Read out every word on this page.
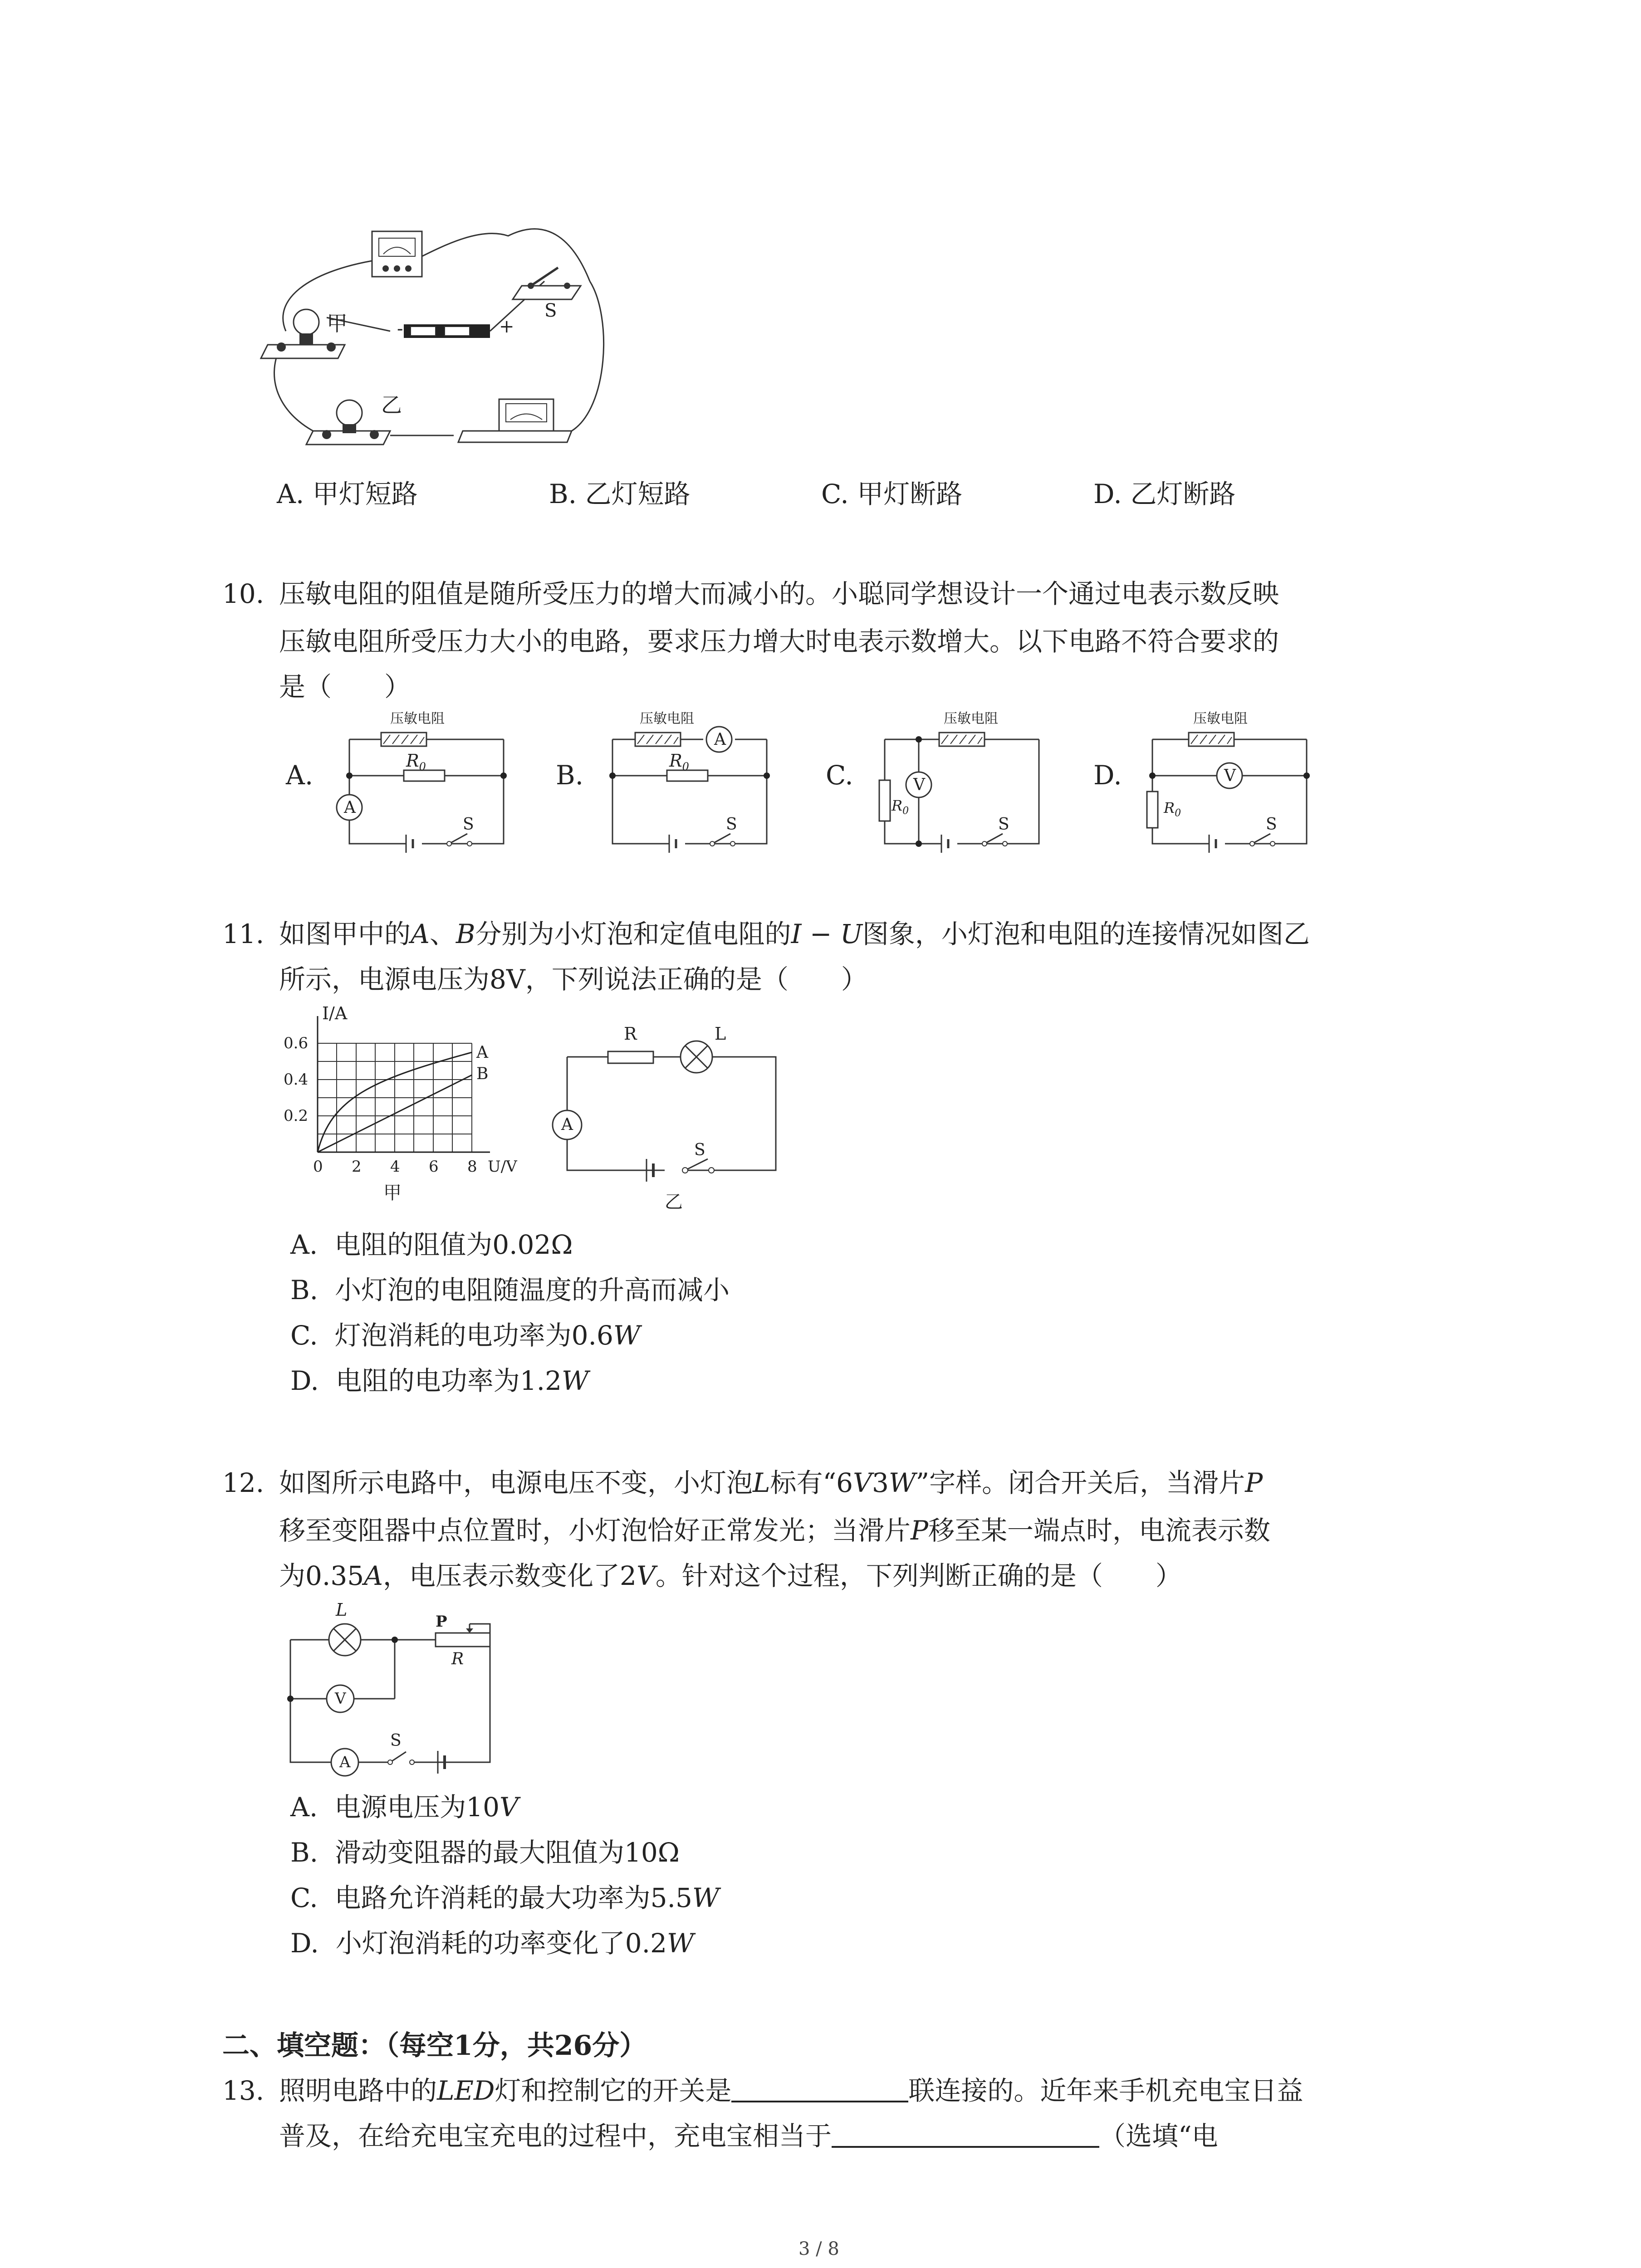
甲
乙
S
-	+
A. 甲灯短路	B. 乙灯短路	C. 甲灯断路	D. 乙灯断路
10. 压敏电阻的阻值是随所受压力的增大而减小的。小聪同学想设计一个通过电表示数反映
压敏电阻所受压力大小的电路，要求压力增大时电表示数增大。以下电路不符合要求的
是（　　）
A.
压敏电阻
$R_0$
A
S
B.
压敏电阻
$R_0$
A
S
C.
压敏电阻
$R_0$
V
S
D.
压敏电阻
$R_0$
V
S
11. 如图甲中的A、B分别为小灯泡和定值电阻的I − U图象，小灯泡和电阻的连接情况如图乙
所示，电源电压为8V，下列说法正确的是（　　）
I/A
0.6
0.4
0.2
0 2 4 6 8 U/V
甲
A
B
R	L
A
S
乙
A. 电阻的阻值为0.02Ω
B. 小灯泡的电阻随温度的升高而减小
C. 灯泡消耗的电功率为0.6W
D. 电阻的电功率为1.2W
12. 如图所示电路中，电源电压不变，小灯泡L标有“6V3W”字样。闭合开关后，当滑片P
移至变阻器中点位置时，小灯泡恰好正常发光；当滑片P移至某一端点时，电流表示数
为0.35A，电压表示数变化了2V。针对这个过程，下列判断正确的是（　　）
L
P
R
V
A
S
A. 电源电压为10V
B. 滑动变阻器的最大阻值为10Ω
C. 电路允许消耗的最大功率为5.5W
D. 小灯泡消耗的功率变化了0.2W
二、填空题：（每空1分，共26分）
13. 照明电路中的LED灯和控制它的开关是	联连接的。近年来手机充电宝日益
普及，在给充电宝充电的过程中，充电宝相当于	（选填“电
3 / 8
